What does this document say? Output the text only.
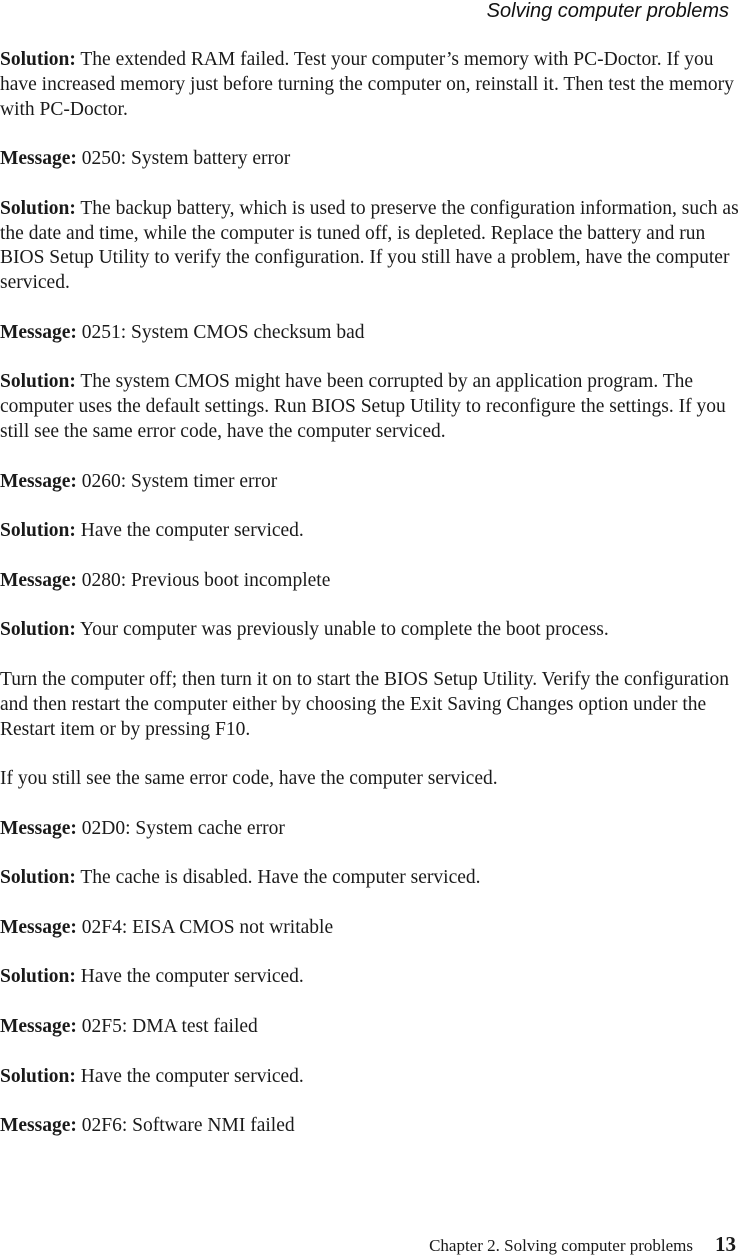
Solving computer problems

Solution: The extended RAM failed. Test your computer’s memory with PC-Doctor. If you have increased memory just before turning the computer on, reinstall it. Then test the memory with PC-Doctor.

Message: 0250: System battery error

Solution: The backup battery, which is used to preserve the configuration information, such as the date and time, while the computer is tuned off, is depleted. Replace the battery and run BIOS Setup Utility to verify the configuration. If you still have a problem, have the computer serviced.

Message: 0251: System CMOS checksum bad

Solution: The system CMOS might have been corrupted by an application program. The computer uses the default settings. Run BIOS Setup Utility to reconfigure the settings. If you still see the same error code, have the computer serviced.

Message: 0260: System timer error

Solution: Have the computer serviced.

Message: 0280: Previous boot incomplete

Solution: Your computer was previously unable to complete the boot process.

Turn the computer off; then turn it on to start the BIOS Setup Utility. Verify the configuration and then restart the computer either by choosing the Exit Saving Changes option under the Restart item or by pressing F10.

If you still see the same error code, have the computer serviced.

Message: 02D0: System cache error

Solution: The cache is disabled. Have the computer serviced.

Message: 02F4: EISA CMOS not writable

Solution: Have the computer serviced.

Message: 02F5: DMA test failed

Solution: Have the computer serviced.

Message: 02F6: Software NMI failed

Chapter 2. Solving computer problems 13
